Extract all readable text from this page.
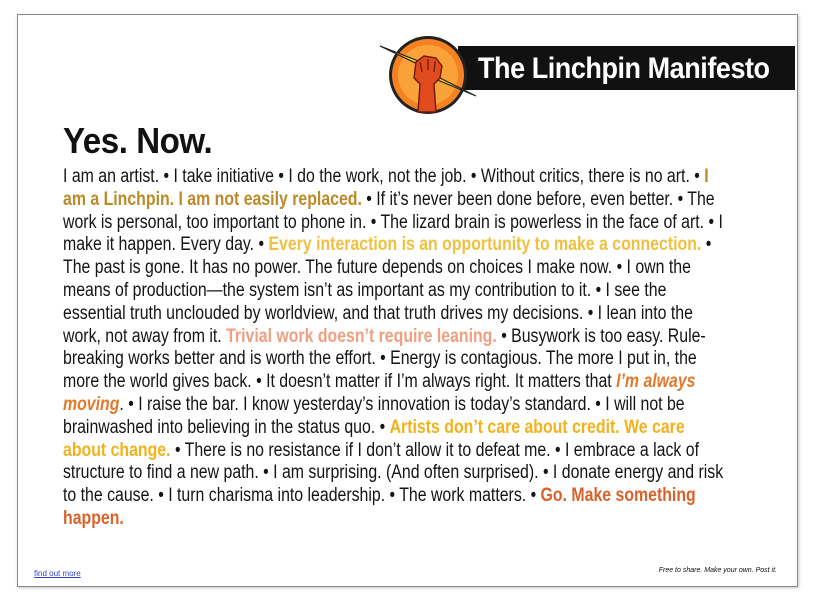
The Linchpin Manifesto
Yes. Now.

I am an artist. • I take initiative • I do the work, not the job. • Without critics, there is no art. • I am a Linchpin. I am not easily replaced. • If it’s never been done before, even better. • The work is personal, too important to phone in. • The lizard brain is powerless in the face of art. • I make it happen. Every day. • Every interaction is an opportunity to make a connection. • The past is gone. It has no power. The future depends on choices I make now. • I own the means of production—the system isn’t as important as my contribution to it. • I see the essential truth unclouded by worldview, and that truth drives my decisions. • I lean into the work, not away from it. Trivial work doesn’t require leaning. • Busywork is too easy. Rule-breaking works better and is worth the effort. • Energy is contagious. The more I put in, the more the world gives back. • It doesn’t matter if I’m always right. It matters that I’m always moving. • I raise the bar. I know yesterday’s innovation is today’s standard. • I will not be brainwashed into believing in the status quo. • Artists don’t care about credit. We care about change. • There is no resistance if I don’t allow it to defeat me. • I embrace a lack of structure to find a new path. • I am surprising. (And often surprised). • I donate energy and risk to the cause. • I turn charisma into leadership. • The work matters. • Go. Make something happen.

find out more	Free to share. Make your own. Post it.
